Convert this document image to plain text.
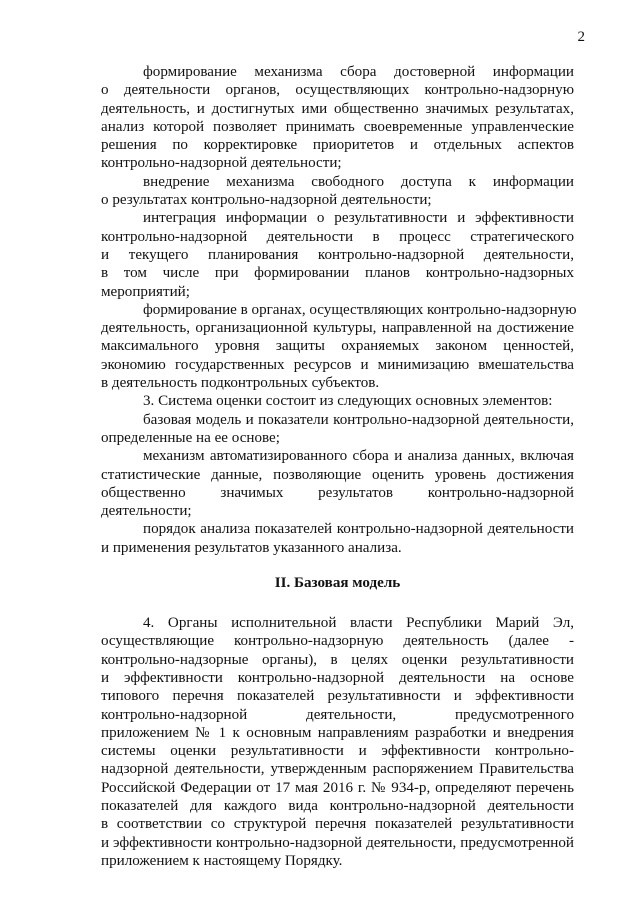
2
формирование механизма сбора достоверной информации
о деятельности органов, осуществляющих контрольно-надзорную
деятельность, и достигнутых ими общественно значимых результатах,
анализ которой позволяет принимать своевременные управленческие
решения по корректировке приоритетов и отдельных аспектов
контрольно-надзорной деятельности;
внедрение механизма свободного доступа к информации
о результатах контрольно-надзорной деятельности;
интеграция информации о результативности и эффективности
контрольно-надзорной деятельности в процесс стратегического
и текущего планирования контрольно-надзорной деятельности,
в том числе при формировании планов контрольно-надзорных
мероприятий;
формирование в органах, осуществляющих контрольно-надзорную
деятельность, организационной культуры, направленной на достижение
максимального уровня защиты охраняемых законом ценностей,
экономию государственных ресурсов и минимизацию вмешательства
в деятельность подконтрольных субъектов.
3. Система оценки состоит из следующих основных элементов:
базовая модель и показатели контрольно-надзорной деятельности,
определенные на ее основе;
механизм автоматизированного сбора и анализа данных, включая
статистические данные, позволяющие оценить уровень достижения
общественно значимых результатов контрольно-надзорной
деятельности;
порядок анализа показателей контрольно-надзорной деятельности
и применения результатов указанного анализа.
II. Базовая модель
4. Органы исполнительной власти Республики Марий Эл,
осуществляющие контрольно-надзорную деятельность (далее -
контрольно-надзорные органы), в целях оценки результативности
и эффективности контрольно-надзорной деятельности на основе
типового перечня показателей результативности и эффективности
контрольно-надзорной деятельности, предусмотренного
приложением № 1 к основным направлениям разработки и внедрения
системы оценки результативности и эффективности контрольно-
надзорной деятельности, утвержденным распоряжением Правительства
Российской Федерации от 17 мая 2016 г. № 934-р, определяют перечень
показателей для каждого вида контрольно-надзорной деятельности
в соответствии со структурой перечня показателей результативности
и эффективности контрольно-надзорной деятельности, предусмотренной
приложением к настоящему Порядку.
